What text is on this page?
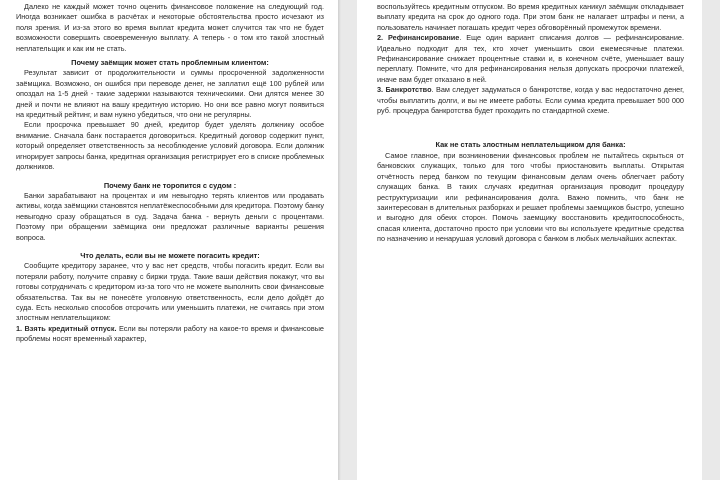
Далеко не каждый может точно оценить финансовое положение на следующий год. Иногда возникает ошибка в расчётах и некоторые обстоятельства просто исчезают из поля зрения. И из-за этого во время выплат кредита может случится так что не будет возможности совершить своевременную выплату. А теперь - о том кто такой злостный неплательщик и как им не стать.

Почему заёмщик может стать проблемным клиентом:

Результат зависит от продолжительности и суммы просроченной задолженности заёмщика. Возможно, он ошибся при переводе денег, не заплатил ещё 100 рублей или опоздал на 1-5 дней - такие задержки называются техническими. Они длятся менее 30 дней и почти не влияют на вашу кредитную историю. Но они все равно могут появиться на кредитный рейтинг, и вам нужно убедиться, что они не регулярны.

Если просрочка превышает 90 дней, кредитор будет уделять должнику особое внимание. Сначала банк постарается договориться. Кредитный договор содержит пункт, который определяет ответственность за несоблюдение условий договора. Если должник игнорирует запросы банка, кредитная организация регистрирует его в списке проблемных должников.

Почему банк не торопится с судом :

Банки зарабатывают на процентах и им невыгодно терять клиентов или продавать активы, когда заёмщики становятся неплатёжеспособными для кредитора. Поэтому банку невыгодно сразу обращаться в суд. Задача банка - вернуть деньги с процентами. Поэтому при обращении заёмщика они предложат различные варианты решения вопроса.

Что делать, если вы не можете погасить кредит:

Сообщите кредитору заранее, что у вас нет средств, чтобы погасить кредит. Если вы потеряли работу, получите справку с биржи труда. Такие ваши действия покажут, что вы готовы сотрудничать с кредитором из-за того что не можете выполнить свои финансовые обязательства. Так вы не понесёте уголовную ответственность, если дело дойдёт до суда. Есть несколько способов отсрочить или уменьшить платежи, не считаясь при этом злостным неплательщиком:

1. Взять кредитный отпуск. Если вы потеряли работу на какое-то время и финансовые проблемы носят временный характер,

воспользуйтесь кредитным отпуском. Во время кредитных каникул заёмщик откладывает выплату кредита на срок до одного года. При этом банк не налагает штрафы и пени, а пользователь начинает погашать кредит через обговорённый промежуток времени.

2. Рефинансирование. Еще один вариант списания долгов — рефинансирование. Идеально подходит для тех, кто хочет уменьшить свои ежемесячные платежи. Рефинансирование снижает процентные ставки и, в конечном счёте, уменьшает вашу переплату. Помните, что для рефинансирования нельзя допускать просрочки платежей, иначе вам будет отказано в ней.

3. Банкротство. Вам следует задуматься о банкротстве, когда у вас недостаточно денег, чтобы выплатить долги, и вы не имеете работы. Если сумма кредита превышает 500 000 руб. процедура банкротства будет проходить по стандартной схеме.

Как не стать злостным неплательщиком для банка:

Самое главное, при возникновении финансовых проблем не пытайтесь скрыться от банковских служащих, только для того чтобы приостановить выплаты. Открытая отчётность перед банком по текущим финансовым делам очень облегчает работу служащих банка. В таких случаях кредитная организация проводит процедуру реструктуризации или рефинансирования долга. Важно помнить, что банк не заинтересован в длительных разборках и решает проблемы заемщиков быстро, успешно и выгодно для обеих сторон. Помочь заемщику восстановить кредитоспособность, спасая клиента, достаточно просто при условии что вы используете кредитные средства по назначению и ненарушая условий договора с банком в любых мельчайших аспектах.
